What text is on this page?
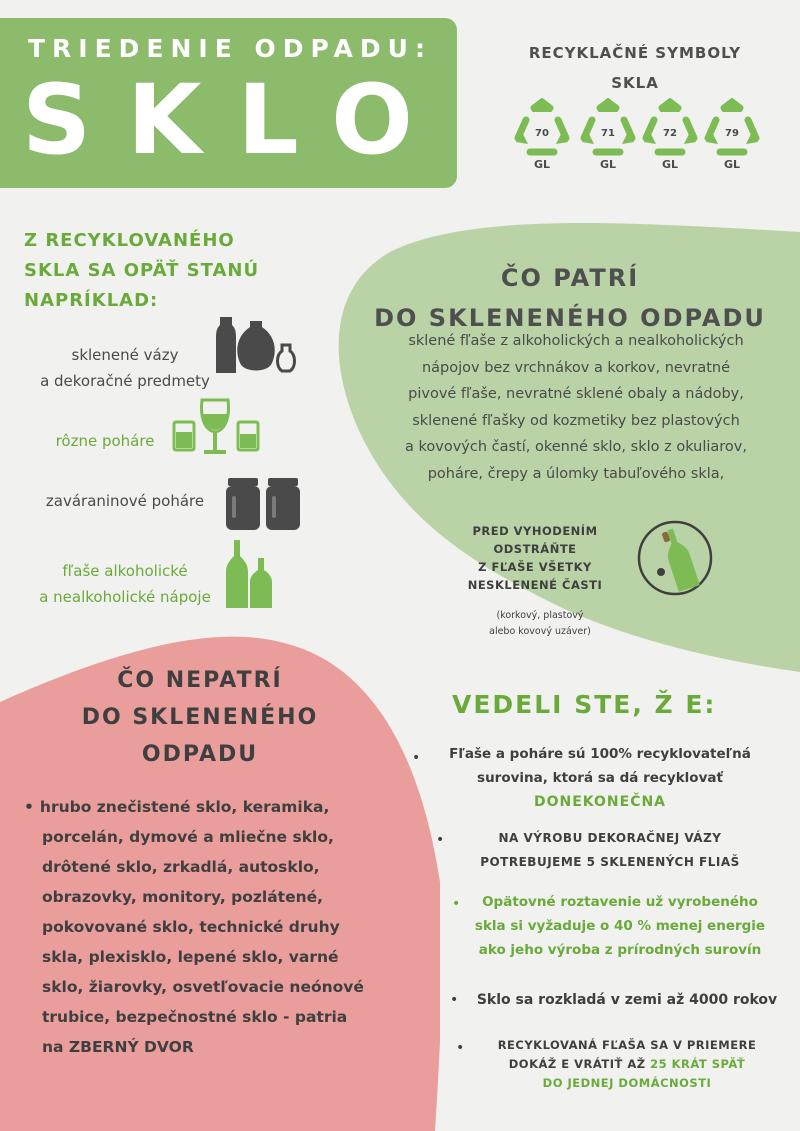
TRIEDENIE ODPADU:
SKLO
RECYKLAČNÉ SYMBOLY
SKLA
70
GL
71
GL
72
GL
79
GL
Z RECYKLOVANÉHO
SKLA SA OPÄŤ STANÚ
NAPRÍKLAD:
sklenené vázy
a dekoračné predmety
rôzne poháre
zaváraninové poháre
fľaše alkoholické
a nealkoholické nápoje
ČO PATRÍ
DO SKLENENÉHO ODPADU
sklené fľaše z alkoholických a nealkoholických
nápojov bez vrchnákov a korkov, nevratné
pivové fľaše, nevratné sklené obaly a nádoby,
sklenené fľašky od kozmetiky bez plastových
a kovových častí, okenné sklo, sklo z okuliarov,
poháre, črepy a úlomky tabuľového skla,
PRED VYHODENÍM
ODSTRÁŇTE
Z FĽAŠE VŠETKY
NESKLENENÉ ČASTI
(korkový, plastový
alebo kovový uzáver)
ČO NEPATRÍ
DO SKLENENÉHO
ODPADU
• hrubo znečistené sklo, keramika,
porcelán, dymové a mliečne sklo,
drôtené sklo, zrkadlá, autosklo,
obrazovky, monitory, pozlátené,
pokovované sklo, technické druhy
skla, plexisklo, lepené sklo, varné
sklo, žiarovky, osvetľovacie neónové
trubice, bezpečnostné sklo - patria
na ZBERNÝ DVOR
VEDELI STE, Ž E:
•	Fľaše a poháre sú 100% recyklovateľná
surovina, ktorá sa dá recyklovať
DONEKONEČNA
•	NA VÝROBU DEKORAČNEJ VÁZY
POTREBUJEME 5 SKLENENÝCH FLIAŠ
•	Opätovné roztavenie už vyrobeného
skla si vyžaduje o 40 % menej energie
ako jeho výroba z prírodných surovín
•	Sklo sa rozkladá v zemi až 4000 rokov
•	RECYKLOVANÁ FĽAŠA SA V PRIEMERE
DOKÁŽ E VRÁTIŤ AŽ 25 KRÁT SPÄŤ
DO JEDNEJ DOMÁCNOSTI
